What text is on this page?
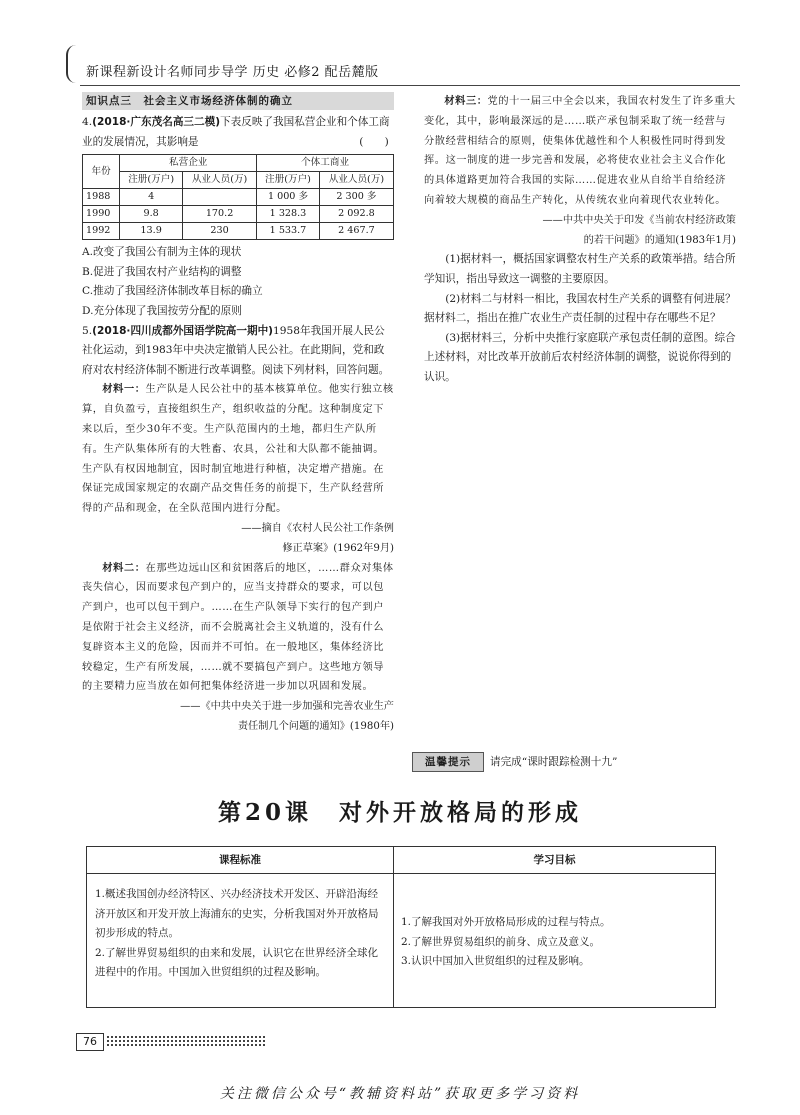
新课程新设计名师同步导学 历史 必修2 配岳麓版
知识点三　社会主义市场经济体制的确立

4.(2018·广东茂名高三二模)下表反映了我国私营企业和个体工商业的发展情况，其影响是	(　　)

年份	私营企业		个体工商业	
	注册(万户)	从业人员(万)	注册(万户)	从业人员(万)
1988	4		1 000 多	2 300 多
1990	9.8	170.2	1 328.3	2 092.8
1992	13.9	230	1 533.7	2 467.7

A.改变了我国公有制为主体的现状

B.促进了我国农村产业结构的调整

C.推动了我国经济体制改革目标的确立

D.充分体现了我国按劳分配的原则

5.(2018·四川成都外国语学院高一期中)1958年我国开展人民公社化运动，到1983年中央决定撤销人民公社。在此期间，党和政府对农村经济体制不断进行改革调整。阅读下列材料，回答问题。

材料一：生产队是人民公社中的基本核算单位。他实行独立核算，自负盈亏，直接组织生产，组织收益的分配。这种制度定下来以后，至少30年不变。生产队范围内的土地，都归生产队所有。生产队集体所有的大牲畜、农具，公社和大队都不能抽调。生产队有权因地制宜，因时制宜地进行种植，决定增产措施。在保证完成国家规定的农副产品交售任务的前提下，生产队经营所得的产品和现金，在全队范围内进行分配。

——摘自《农村人民公社工作条例

修正草案》(1962年9月)

材料二：在那些边远山区和贫困落后的地区，……群众对集体丧失信心，因而要求包产到户的，应当支持群众的要求，可以包产到户，也可以包干到户。……在生产队领导下实行的包产到户是依附于社会主义经济，而不会脱离社会主义轨道的，没有什么复辟资本主义的危险，因而并不可怕。在一般地区，集体经济比较稳定，生产有所发展，……就不要搞包产到户。这些地方领导的主要精力应当放在如何把集体经济进一步加以巩固和发展。

——《中共中央关于进一步加强和完善农业生产

责任制几个问题的通知》(1980年)

材料三：党的十一届三中全会以来，我国农村发生了许多重大变化，其中，影响最深远的是……联产承包制采取了统一经营与分散经营相结合的原则，使集体优越性和个人积极性同时得到发挥。这一制度的进一步完善和发展，必将使农业社会主义合作化的具体道路更加符合我国的实际……促进农业从自给半自给经济向着较大规模的商品生产转化，从传统农业向着现代农业转化。

——中共中央关于印发《当前农村经济政策

的若干问题》的通知(1983年1月)

(1)据材料一，概括国家调整农村生产关系的政策举措。结合所学知识，指出导致这一调整的主要原因。

(2)材料二与材料一相比，我国农村生产关系的调整有何进展？据材料二，指出在推广农业生产责任制的过程中存在哪些不足？

(3)据材料三，分析中央推行家庭联产承包责任制的意图。综合上述材料，对比改革开放前后农村经济体制的调整，说说你得到的认识。

温馨提示	请完成“课时跟踪检测十九”
第20课　对外开放格局的形成
课程标准	学习目标

1.概述我国创办经济特区、兴办经济技术开发区、开辟沿海经济开放区和开发开放上海浦东的史实，分析我国对外开放格局初步形成的特点。

2.了解世界贸易组织的由来和发展，认识它在世界经济全球化进程中的作用。中国加入世贸组织的过程及影响。

1.了解我国对外开放格局形成的过程与特点。

2.了解世界贸易组织的前身、成立及意义。

3.认识中国加入世贸组织的过程及影响。

76
关注微信公众号“教辅资料站”获取更多学习资料
